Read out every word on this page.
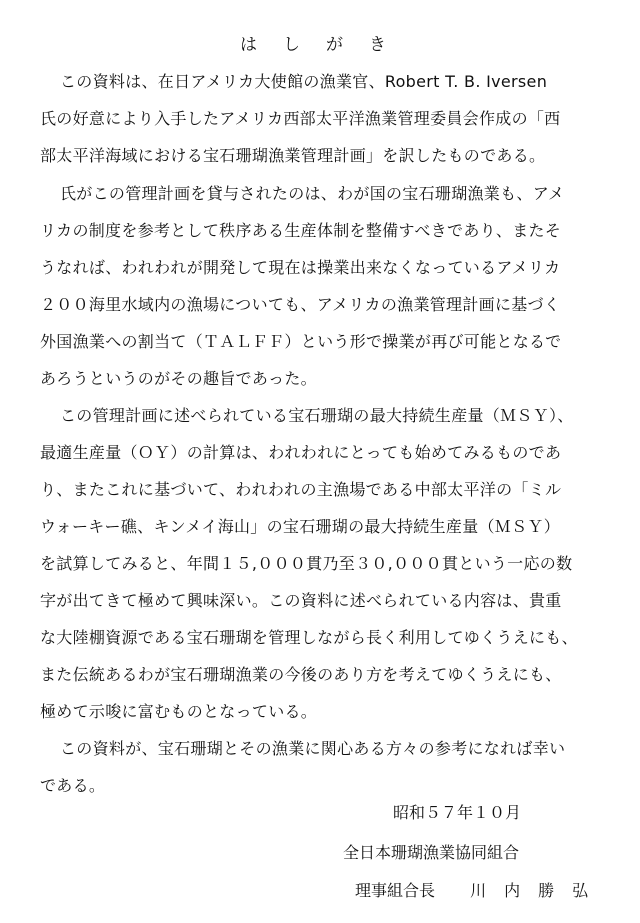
はしがき
この資料は、在日アメリカ大使館の漁業官、Robert T. B. Iversen
氏の好意により入手したアメリカ西部太平洋漁業管理委員会作成の「西
部太平洋海域における宝石珊瑚漁業管理計画」を訳したものである。
氏がこの管理計画を貸与されたのは、わが国の宝石珊瑚漁業も、アメ
リカの制度を参考として秩序ある生産体制を整備すべきであり、またそ
うなれば、われわれが開発して現在は操業出来なくなっているアメリカ
２００海里水域内の漁場についても、アメリカの漁業管理計画に基づく
外国漁業への割当て（ＴＡＬＦＦ）という形で操業が再び可能となるで
あろうというのがその趣旨であった。
この管理計画に述べられている宝石珊瑚の最大持続生産量（ＭＳＹ）、
最適生産量（ＯＹ）の計算は、われわれにとっても始めてみるものであ
り、またこれに基づいて、われわれの主漁場である中部太平洋の「ミル
ウォーキー礁、キンメイ海山」の宝石珊瑚の最大持続生産量（ＭＳＹ）
を試算してみると、年間１５,０００貫乃至３０,０００貫という一応の数
字が出てきて極めて興味深い。この資料に述べられている内容は、貴重
な大陸棚資源である宝石珊瑚を管理しながら長く利用してゆくうえにも、
また伝統あるわが宝石珊瑚漁業の今後のあり方を考えてゆくうえにも、
極めて示唆に富むものとなっている。
この資料が、宝石珊瑚とその漁業に関心ある方々の参考になれば幸い
である。
昭和５７年１０月
全日本珊瑚漁業協同組合
理事組合長 川内勝弘
